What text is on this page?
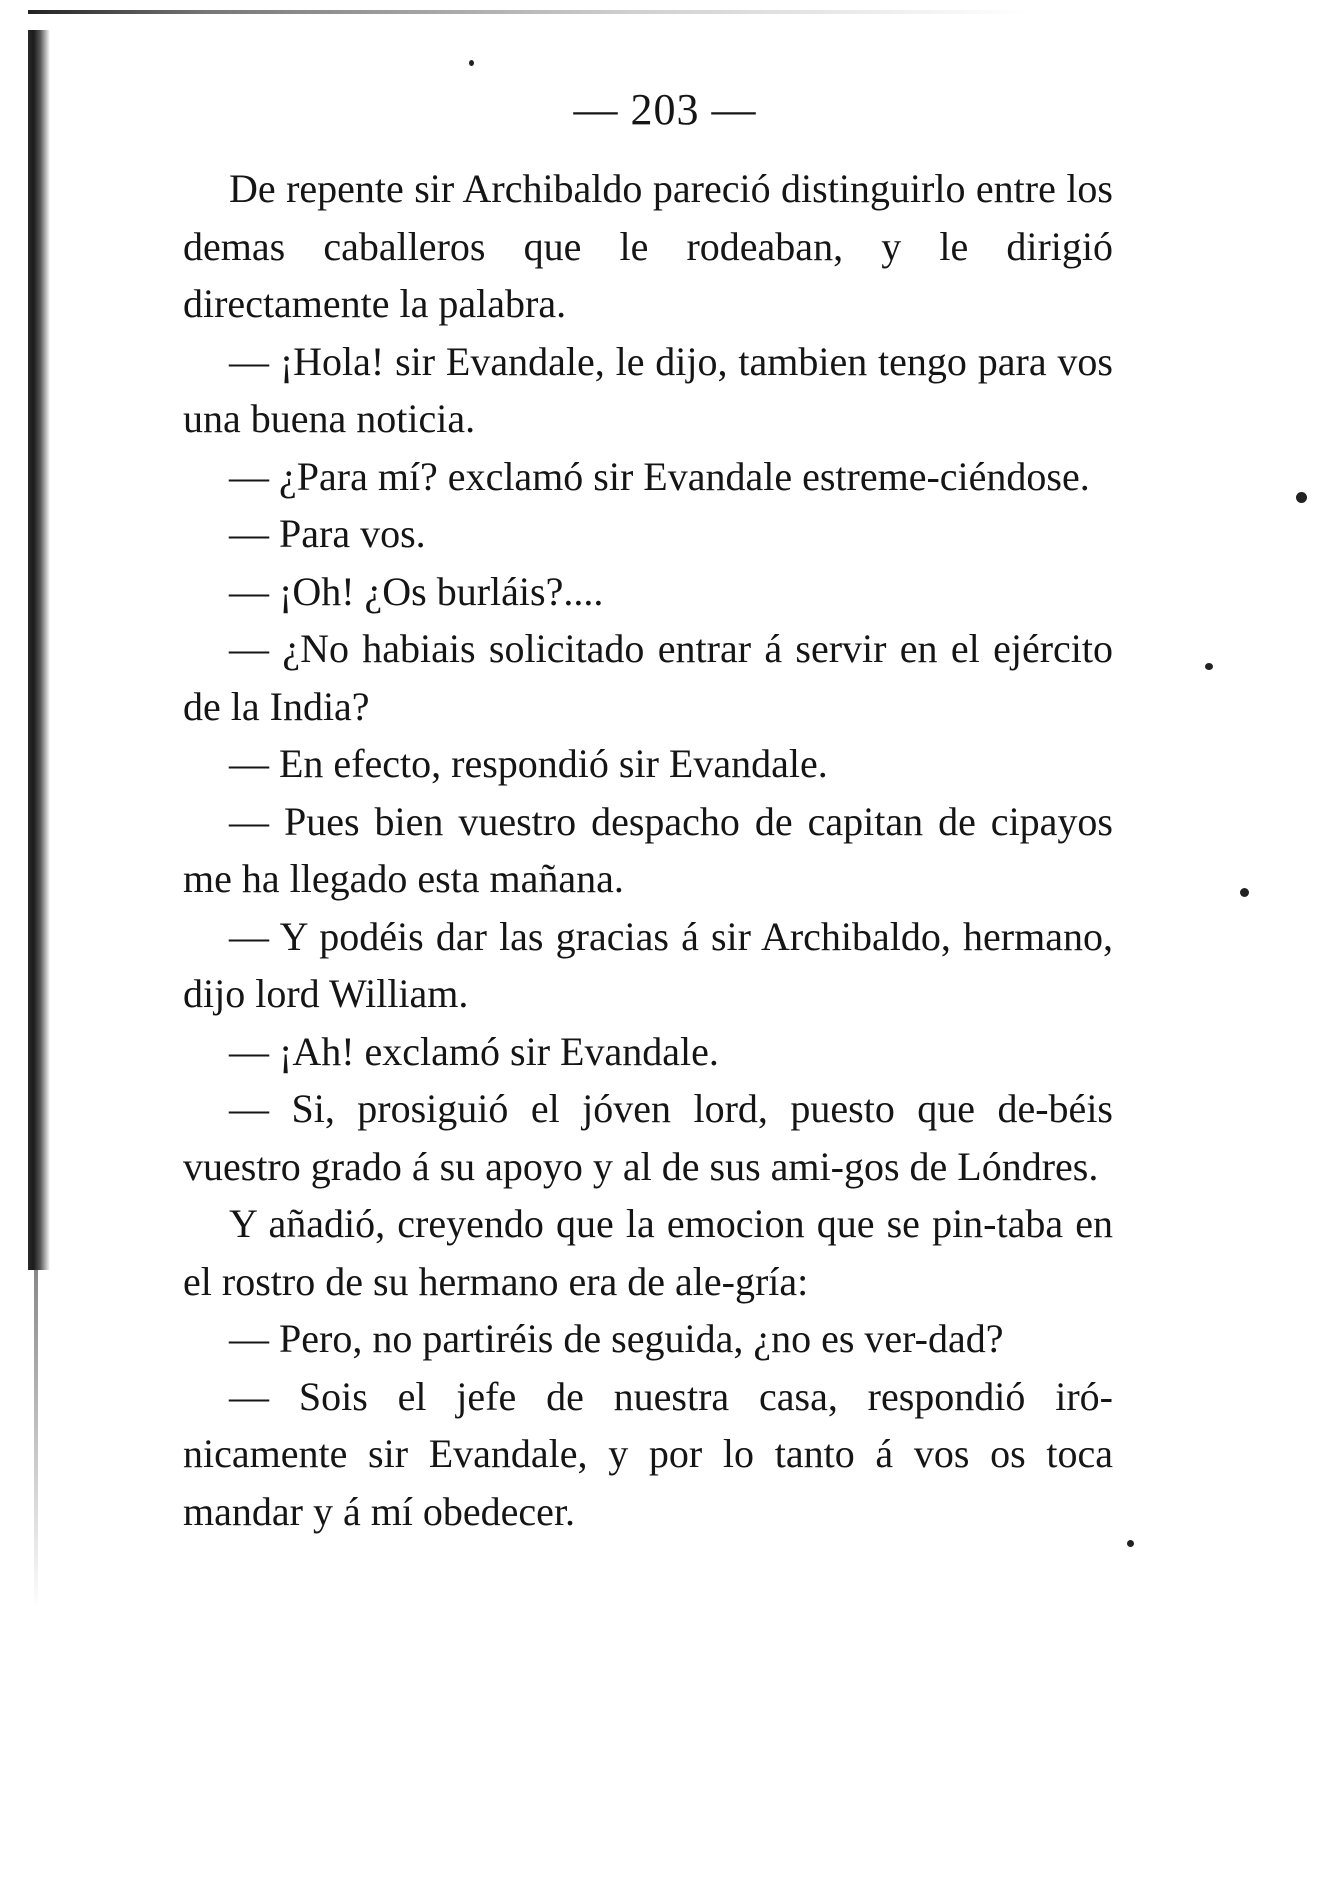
— 203 —

De repente sir Archibaldo pareció distinguirlo entre los demas caballeros que le rodeaban, y le dirigió directamente la palabra.

— ¡Hola! sir Evandale, le dijo, tambien tengo para vos una buena noticia.

— ¿Para mí? exclamó sir Evandale estreme-ciéndose.

— Para vos.

— ¡Oh! ¿Os burláis?....

— ¿No habiais solicitado entrar á servir en el ejército de la India?

— En efecto, respondió sir Evandale.

— Pues bien vuestro despacho de capitan de cipayos me ha llegado esta mañana.

— Y podéis dar las gracias á sir Archibaldo, hermano, dijo lord William.

— ¡Ah! exclamó sir Evandale.

— Si, prosiguió el jóven lord, puesto que de-béis vuestro grado á su apoyo y al de sus ami-gos de Lóndres.

Y añadió, creyendo que la emocion que se pin-taba en el rostro de su hermano era de ale-gría:

— Pero, no partiréis de seguida, ¿no es ver-dad?

— Sois el jefe de nuestra casa, respondió iró-nicamente sir Evandale, y por lo tanto á vos os toca mandar y á mí obedecer.
